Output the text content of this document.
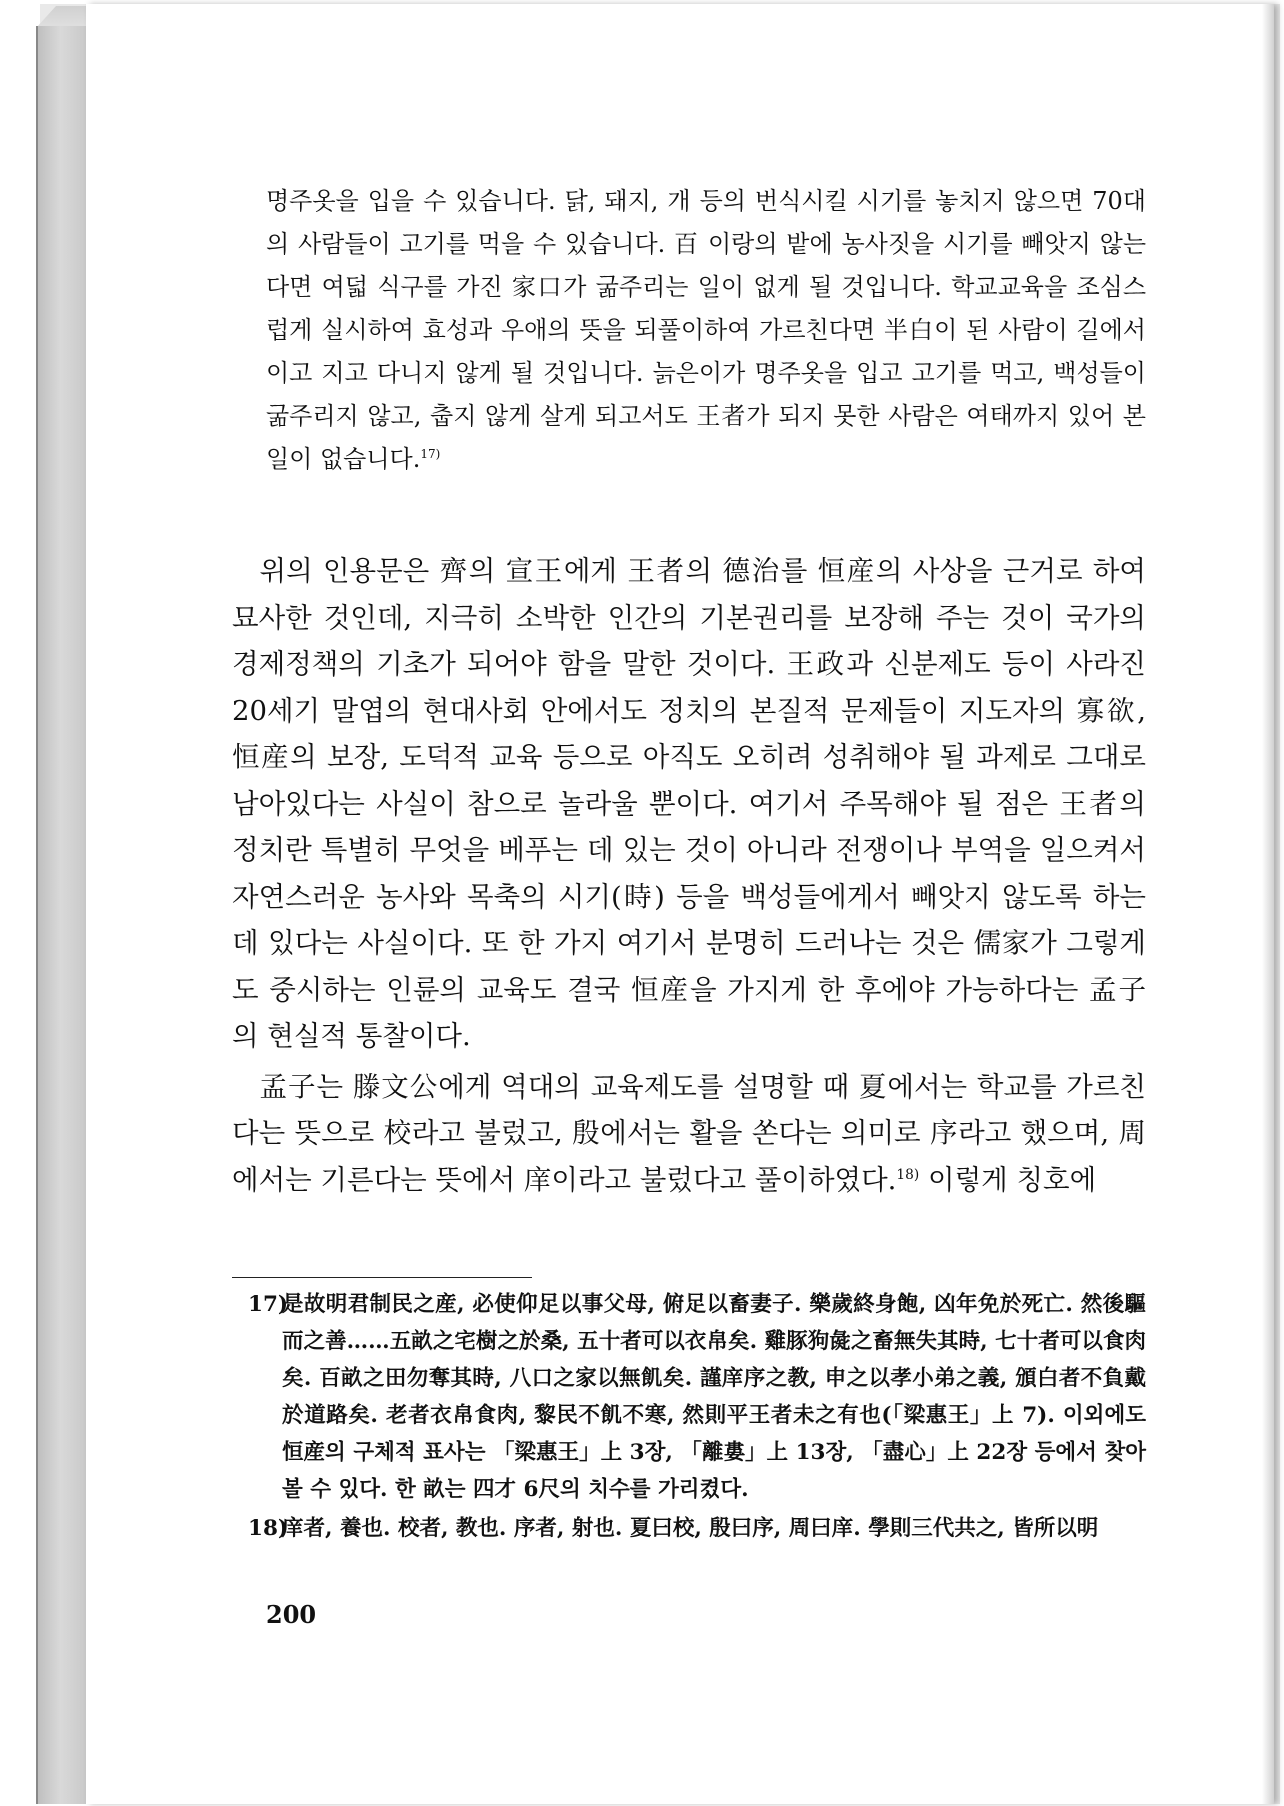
명주옷을 입을 수 있습니다. 닭, 돼지, 개 등의 번식시킬 시기를 놓치지 않으면 70대의 사람들이 고기를 먹을 수 있습니다. 百 이랑의 밭에 농사짓을 시기를 빼앗지 않는다면 여덟 식구를 가진 家口가 굶주리는 일이 없게 될 것입니다. 학교교육을 조심스럽게 실시하여 효성과 우애의 뜻을 되풀이하여 가르친다면 半白이 된 사람이 길에서 이고 지고 다니지 않게 될 것입니다. 늙은이가 명주옷을 입고 고기를 먹고, 백성들이 굶주리지 않고, 춥지 않게 살게 되고서도 王者가 되지 못한 사람은 여태까지 있어 본 일이 없습니다.$^{17)}$

위의 인용문은 齊의 宣王에게 王者의 德治를 恒産의 사상을 근거로 하여 묘사한 것인데, 지극히 소박한 인간의 기본권리를 보장해 주는 것이 국가의 경제정책의 기초가 되어야 함을 말한 것이다. 王政과 신분제도 등이 사라진 20세기 말엽의 현대사회 안에서도 정치의 본질적 문제들이 지도자의 寡欲, 恒産의 보장, 도덕적 교육 등으로 아직도 오히려 성취해야 될 과제로 그대로 남아있다는 사실이 참으로 놀라울 뿐이다. 여기서 주목해야 될 점은 王者의 정치란 특별히 무엇을 베푸는 데 있는 것이 아니라 전쟁이나 부역을 일으켜서 자연스러운 농사와 목축의 시기(時) 등을 백성들에게서 빼앗지 않도록 하는 데 있다는 사실이다. 또 한 가지 여기서 분명히 드러나는 것은 儒家가 그렇게도 중시하는 인륜의 교육도 결국 恒産을 가지게 한 후에야 가능하다는 孟子의 현실적 통찰이다.

孟子는 滕文公에게 역대의 교육제도를 설명할 때 夏에서는 학교를 가르친다는 뜻으로 校라고 불렀고, 殷에서는 활을 쏜다는 의미로 序라고 했으며, 周에서는 기른다는 뜻에서 庠이라고 불렀다고 풀이하였다.$^{18)}$ 이렇게 칭호에

17)
是故明君制民之産, 必使仰足以事父母, 俯足以畜妻子. 樂歲終身飽, 凶年免於死亡. 然後驅而之善……五畝之宅樹之於桑, 五十者可以衣帛矣. 雞豚狗彘之畜無失其時, 七十者可以食肉矣. 百畝之田勿奪其時, 八口之家以無飢矣. 謹庠序之教, 申之以孝小弟之義, 頒白者不負戴於道路矣. 老者衣帛食肉, 黎民不飢不寒, 然則平王者未之有也(「梁惠王」上 7). 이외에도 恒産의 구체적 표사는 「梁惠王」上 3장, 「離婁」上 13장, 「盡心」上 22장 등에서 찾아볼 수 있다. 한 畝는 四才 6尺의 치수를 가리켰다.
18)
庠者, 養也. 校者, 教也. 序者, 射也. 夏曰校, 殷曰序, 周曰庠. 學則三代共之, 皆所以明
200
